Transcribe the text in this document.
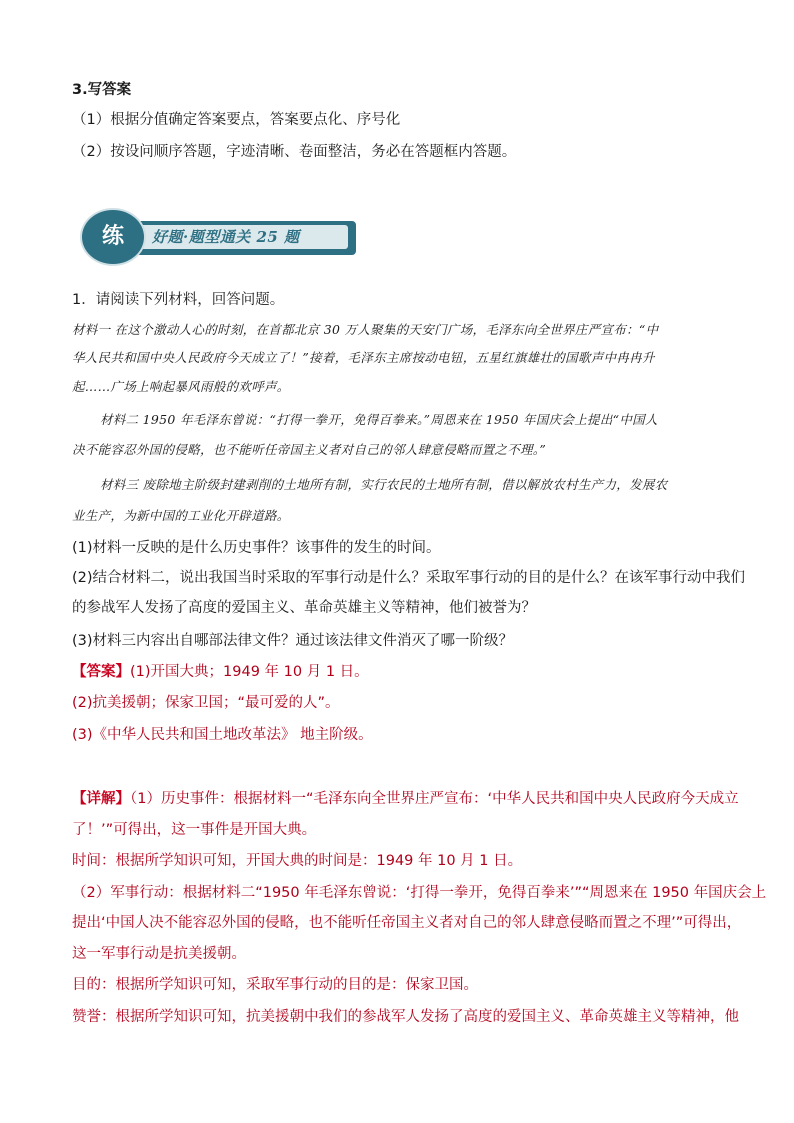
3.写答案
（1）根据分值确定答案要点，答案要点化、序号化
（2）按设问顺序答题，字迹清晰、卷面整洁，务必在答题框内答题。
练	好题·题型通关 25 题
1．请阅读下列材料，回答问题。
材料一 在这个激动人心的时刻，在首都北京 30 万人聚集的天安门广场，毛泽东向全世界庄严宣布：“中
华人民共和国中央人民政府今天成立了！”接着，毛泽东主席按动电钮，五星红旗雄壮的国歌声中冉冉升
起……广场上响起暴风雨般的欢呼声。
材料二 1950 年毛泽东曾说：“打得一拳开，免得百拳来。”周恩来在 1950 年国庆会上提出“中国人
决不能容忍外国的侵略，也不能听任帝国主义者对自己的邻人肆意侵略而置之不理。”
材料三 废除地主阶级封建剥削的土地所有制，实行农民的土地所有制，借以解放农村生产力，发展农
业生产，为新中国的工业化开辟道路。
(1)材料一反映的是什么历史事件？该事件的发生的时间。
(2)结合材料二，说出我国当时采取的军事行动是什么？采取军事行动的目的是什么？在该军事行动中我们
的参战军人发扬了高度的爱国主义、革命英雄主义等精神，他们被誉为？
(3)材料三内容出自哪部法律文件？通过该法律文件消灭了哪一阶级？
【答案】(1)开国大典；1949 年 10 月 1 日。
(2)抗美援朝；保家卫国；“最可爱的人”。
(3)《中华人民共和国土地改革法》 地主阶级。
【详解】（1）历史事件：根据材料一“毛泽东向全世界庄严宣布：‘中华人民共和国中央人民政府今天成立
了！’”可得出，这一事件是开国大典。
时间：根据所学知识可知，开国大典的时间是：1949 年 10 月 1 日。
（2）军事行动：根据材料二“1950 年毛泽东曾说：‘打得一拳开，免得百拳来’”“周恩来在 1950 年国庆会上
提出‘中国人决不能容忍外国的侵略，也不能听任帝国主义者对自己的邻人肆意侵略而置之不理’”可得出，
这一军事行动是抗美援朝。
目的：根据所学知识可知，采取军事行动的目的是：保家卫国。
赞誉：根据所学知识可知，抗美援朝中我们的参战军人发扬了高度的爱国主义、革命英雄主义等精神，他
